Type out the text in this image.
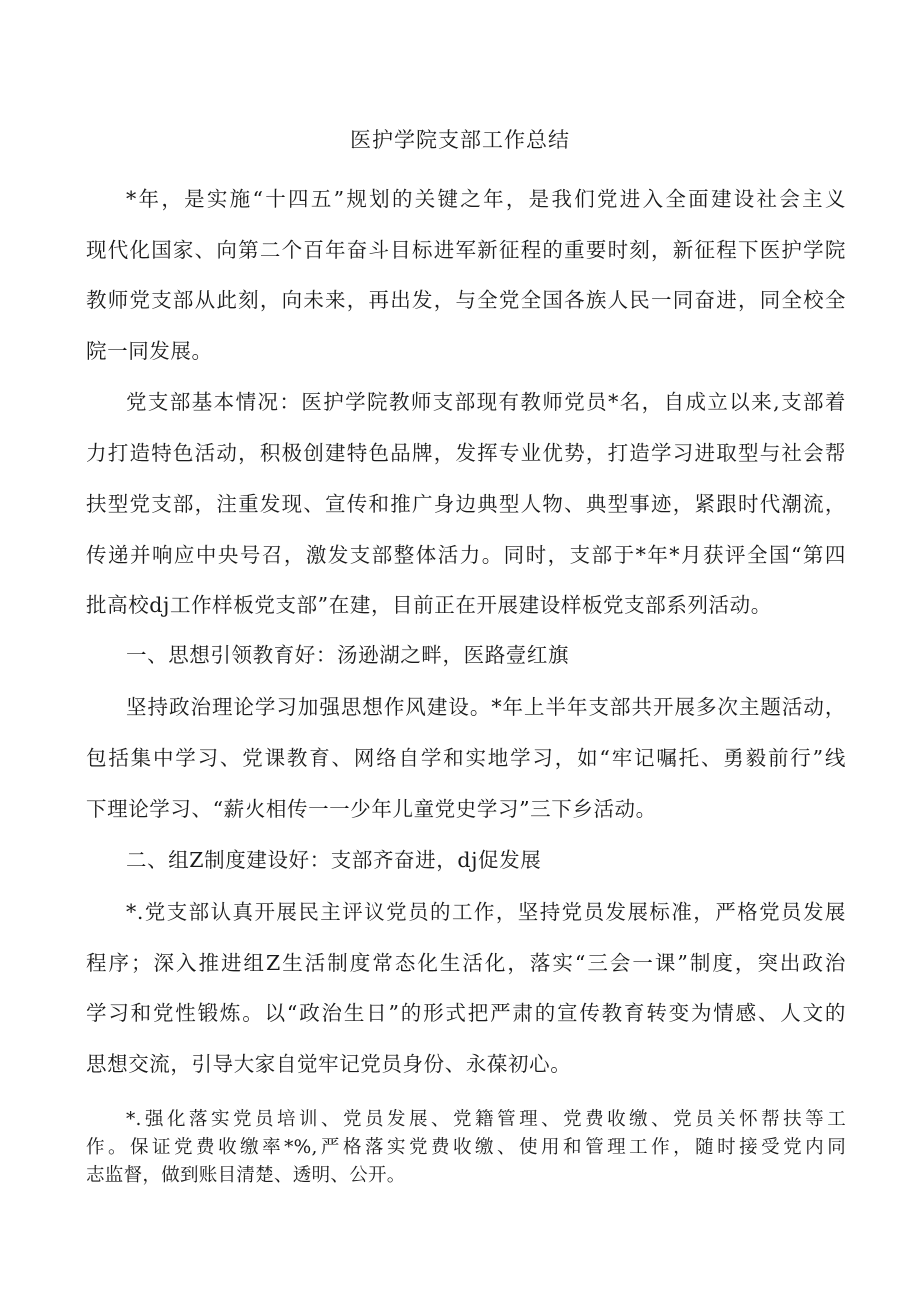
医护学院支部工作总结
*年，是实施“十四五”规划的关键之年，是我们党进入全面建设社会主义
现代化国家、向第二个百年奋斗目标进军新征程的重要时刻，新征程下医护学院
教师党支部从此刻，向未来，再出发，与全党全国各族人民一同奋进，同全校全
院一同发展。
党支部基本情况：医护学院教师支部现有教师党员*名，自成立以来,支部着
力打造特色活动，积极创建特色品牌，发挥专业优势，打造学习进取型与社会帮
扶型党支部，注重发现、宣传和推广身边典型人物、典型事迹，紧跟时代潮流，
传递并响应中央号召，激发支部整体活力。同时，支部于*年*月获评全国“第四
批高校dj工作样板党支部”在建，目前正在开展建设样板党支部系列活动。
一、思想引领教育好：汤逊湖之畔，医路壹红旗
坚持政治理论学习加强思想作风建设。*年上半年支部共开展多次主题活动，
包括集中学习、党课教育、网络自学和实地学习，如“牢记嘱托、勇毅前行”线
下理论学习、“薪火相传一一少年儿童党史学习”三下乡活动。
二、组Z制度建设好：支部齐奋进，dj促发展
*.党支部认真开展民主评议党员的工作，坚持党员发展标准，严格党员发展
程序；深入推进组Z生活制度常态化生活化，落实“三会一课”制度，突出政治
学习和党性锻炼。以“政治生日”的形式把严肃的宣传教育转变为情感、人文的
思想交流，引导大家自觉牢记党员身份、永葆初心。
*.强化落实党员培训、党员发展、党籍管理、党费收缴、党员关怀帮扶等工
作。保证党费收缴率*%,严格落实党费收缴、使用和管理工作，随时接受党内同
志监督，做到账目清楚、透明、公开。
